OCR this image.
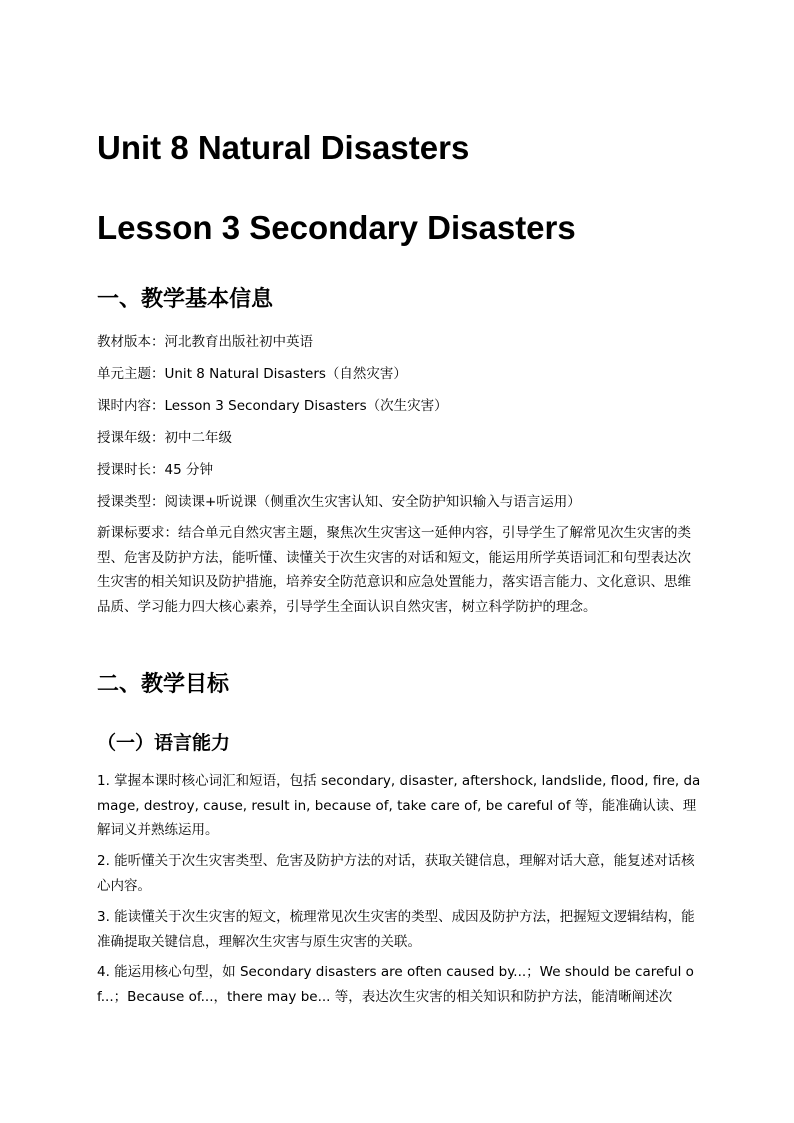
Unit 8 Natural Disasters
Lesson 3 Secondary Disasters
一、教学基本信息
教材版本：河北教育出版社初中英语
单元主题：Unit 8 Natural Disasters（自然灾害）
课时内容：Lesson 3 Secondary Disasters（次生灾害）
授课年级：初中二年级
授课时长：45 分钟
授课类型：阅读课+听说课（侧重次生灾害认知、安全防护知识输入与语言运用）
新课标要求：结合单元自然灾害主题，聚焦次生灾害这一延伸内容，引导学生了解常见次生灾害的类型、危害及防护方法，能听懂、读懂关于次生灾害的对话和短文，能运用所学英语词汇和句型表达次生灾害的相关知识及防护措施，培养安全防范意识和应急处置能力，落实语言能力、文化意识、思维品质、学习能力四大核心素养，引导学生全面认识自然灾害，树立科学防护的理念。
二、教学目标
（一）语言能力
1. 掌握本课时核心词汇和短语，包括 secondary, disaster, aftershock, landslide, flood, fire, damage, destroy, cause, result in, because of, take care of, be careful of 等，能准确认读、理解词义并熟练运用。
2. 能听懂关于次生灾害类型、危害及防护方法的对话，获取关键信息，理解对话大意，能复述对话核心内容。
3. 能读懂关于次生灾害的短文，梳理常见次生灾害的类型、成因及防护方法，把握短文逻辑结构，能准确提取关键信息，理解次生灾害与原生灾害的关联。
4. 能运用核心句型，如 Secondary disasters are often caused by...；We should be careful of...；Because of...，there may be... 等，表达次生灾害的相关知识和防护方法，能清晰阐述次
